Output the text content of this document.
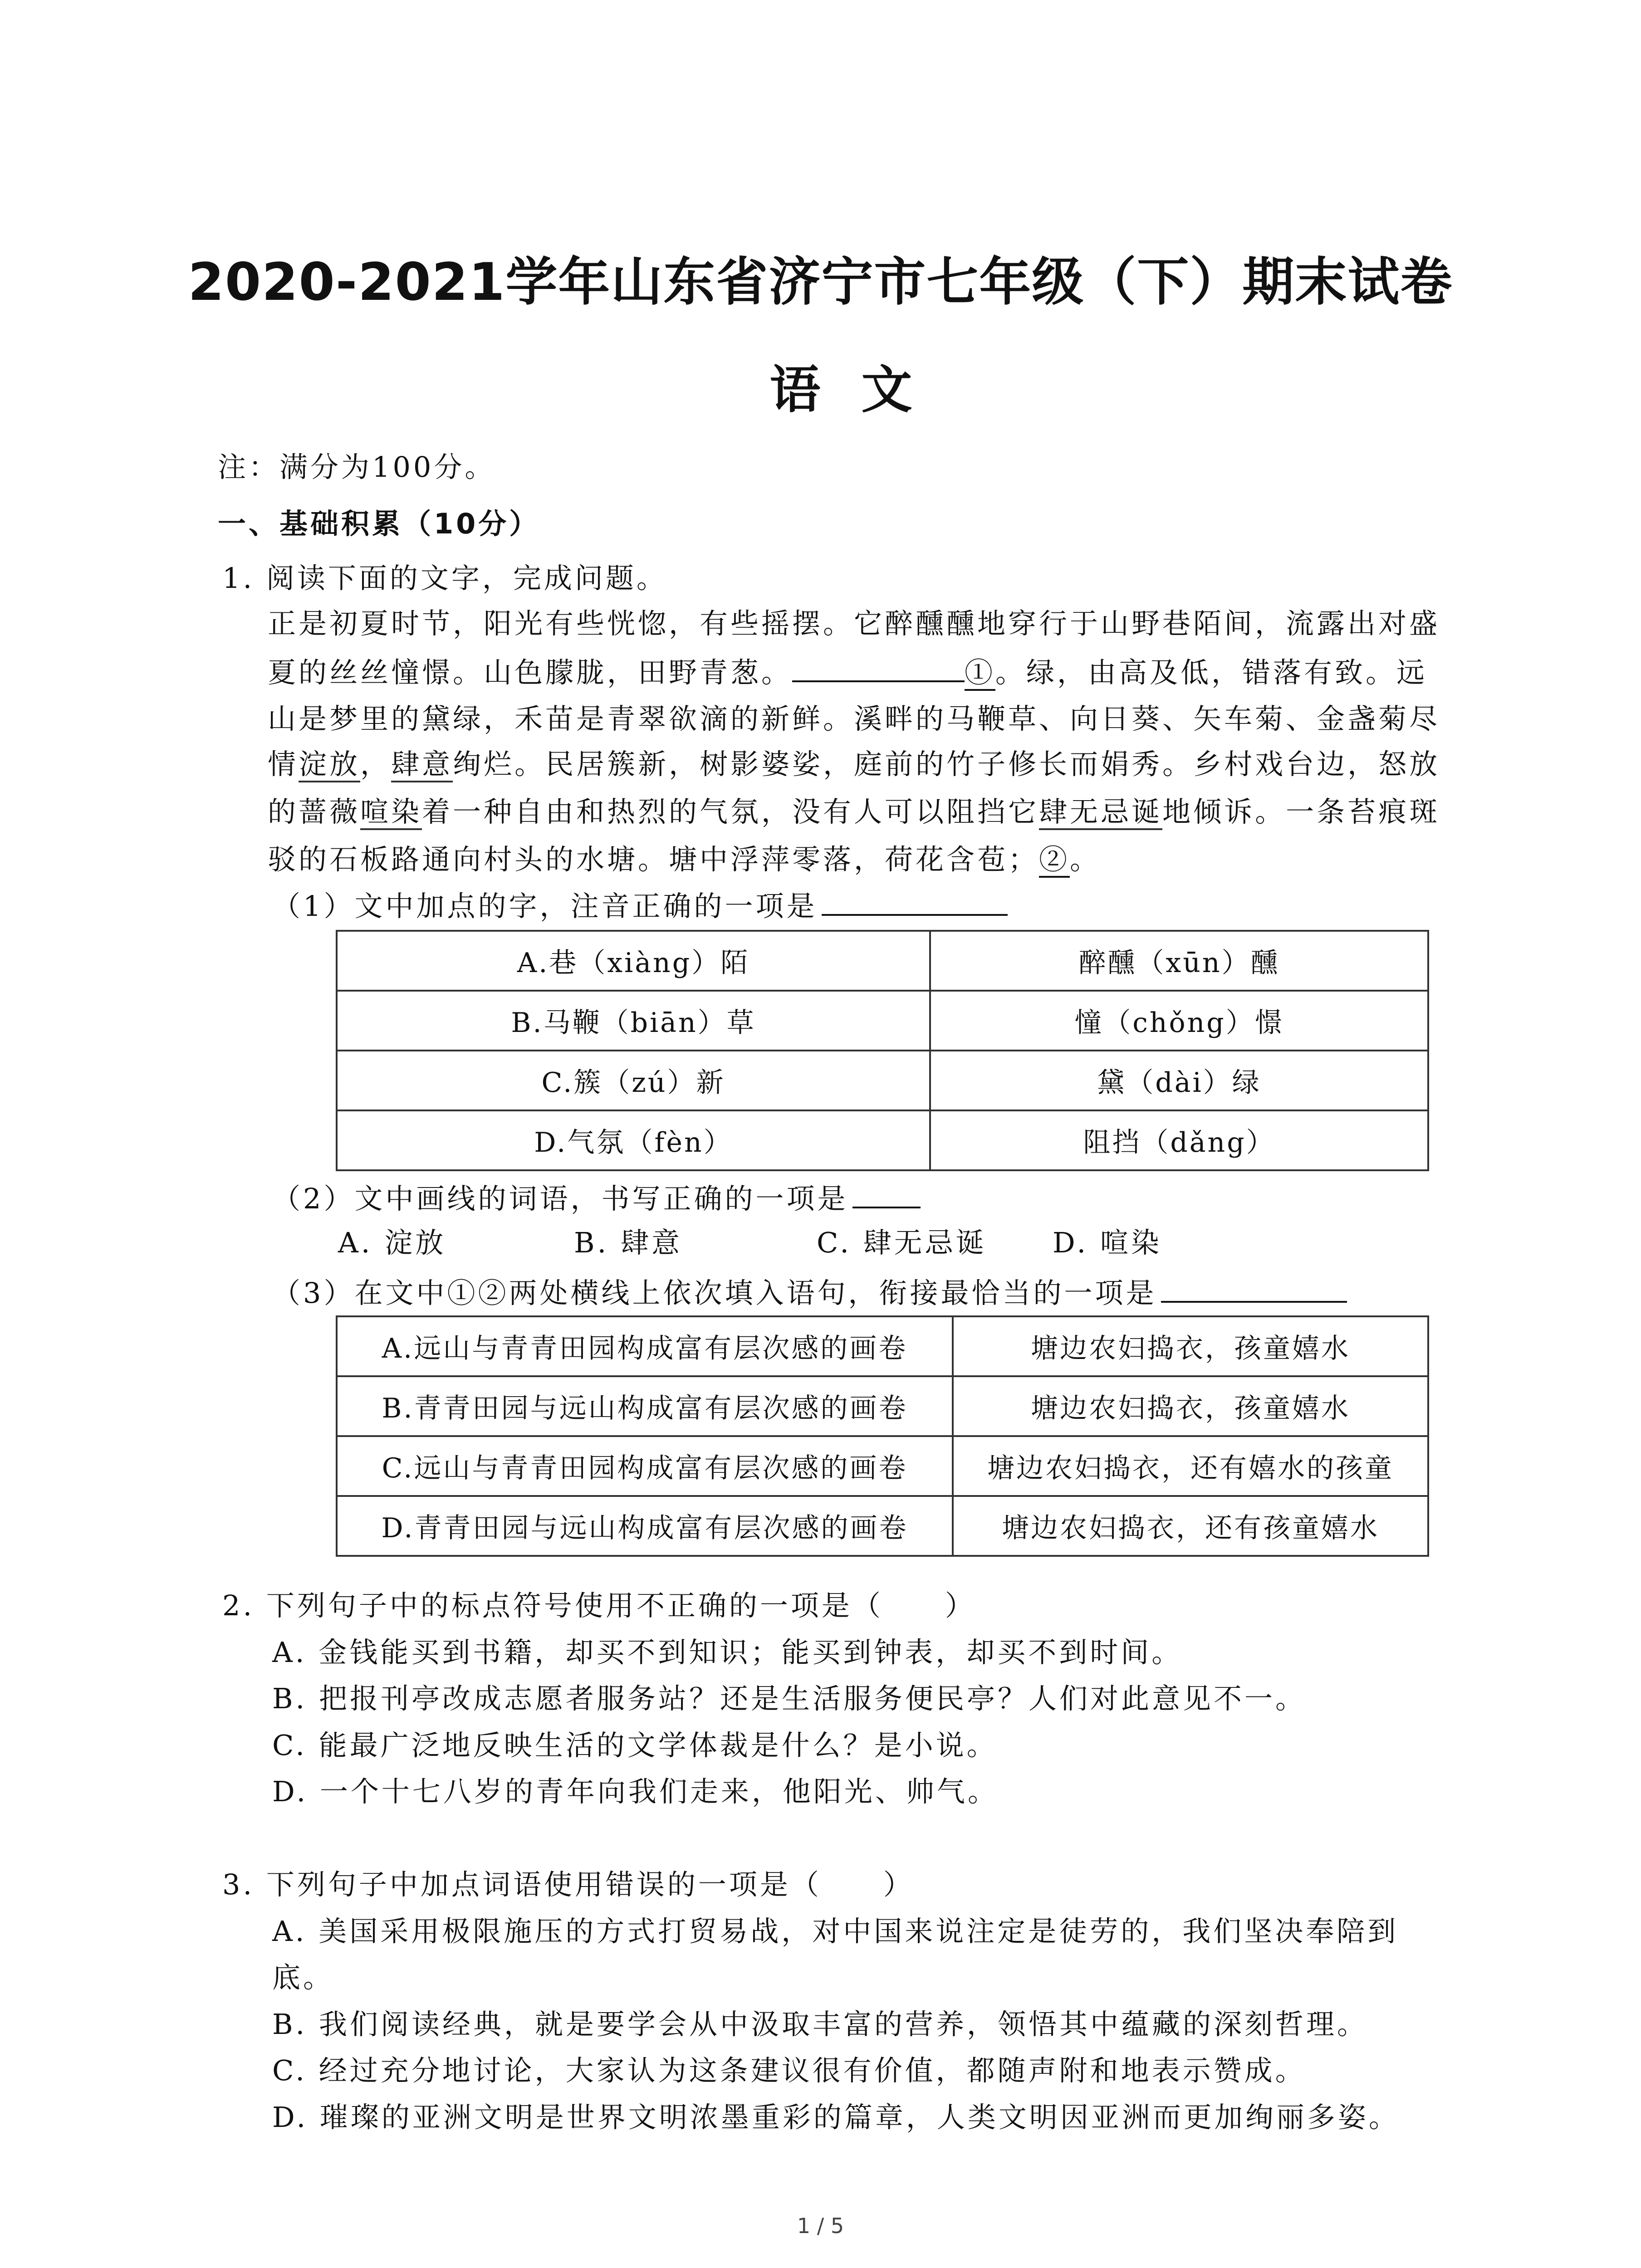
2020-2021学年山东省济宁市七年级（下）期末试卷
语文
注：满分为100分。
一、基础积累（10分）
1. 阅读下面的文字，完成问题。
正是初夏时节，阳光有些恍惚，有些摇摆。它醉醺醺地穿行于山野巷陌间，流露出对盛
夏的丝丝憧憬。山色朦胧，田野青葱。	①。绿，由高及低，错落有致。远
山是梦里的黛绿，禾苗是青翠欲滴的新鲜。溪畔的马鞭草、向日葵、矢车菊、金盏菊尽
情淀放，肆意绚烂。民居簇新，树影婆娑，庭前的竹子修长而娟秀。乡村戏台边，怒放
的蔷薇喧染着一种自由和热烈的气氛，没有人可以阻挡它肆无忌诞地倾诉。一条苔痕斑
驳的石板路通向村头的水塘。塘中浮萍零落，荷花含苞；②。
（1）文中加点的字，注音正确的一项是
A.巷（xiàng）陌	醉醺（xūn）醺
B.马鞭（biān）草	憧（chǒng）憬
C.簇（zú）新	黛（dài）绿
D.气氛（fèn）	阻挡（dǎng）
（2）文中画线的词语，书写正确的一项是
A. 淀放	B. 肆意	C. 肆无忌诞 D. 喧染
（3）在文中①②两处横线上依次填入语句，衔接最恰当的一项是
A.远山与青青田园构成富有层次感的画卷	塘边农妇捣衣，孩童嬉水
B.青青田园与远山构成富有层次感的画卷	塘边农妇捣衣，孩童嬉水
C.远山与青青田园构成富有层次感的画卷	塘边农妇捣衣，还有嬉水的孩童
D.青青田园与远山构成富有层次感的画卷	塘边农妇捣衣，还有孩童嬉水
2. 下列句子中的标点符号使用不正确的一项是（　　）
A. 金钱能买到书籍，却买不到知识；能买到钟表，却买不到时间。
B. 把报刊亭改成志愿者服务站？还是生活服务便民亭？人们对此意见不一。
C. 能最广泛地反映生活的文学体裁是什么？是小说。
D. 一个十七八岁的青年向我们走来，他阳光、帅气。
3. 下列句子中加点词语使用错误的一项是（　　）
A. 美国采用极限施压的方式打贸易战，对中国来说注定是徒劳的，我们坚决奉陪到
底。
B. 我们阅读经典，就是要学会从中汲取丰富的营养，领悟其中蕴藏的深刻哲理。
C. 经过充分地讨论，大家认为这条建议很有价值，都随声附和地表示赞成。
D. 璀璨的亚洲文明是世界文明浓墨重彩的篇章，人类文明因亚洲而更加绚丽多姿。
1 / 5
